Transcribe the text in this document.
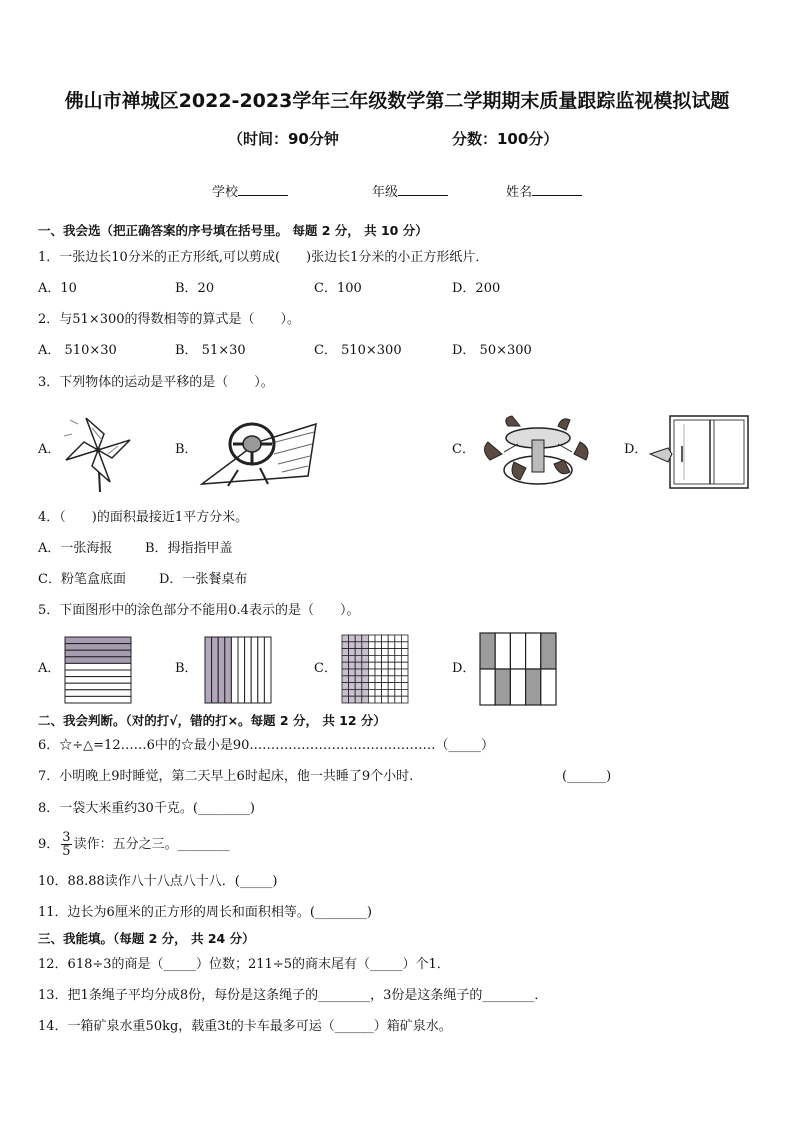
佛山市禅城区2022-2023学年三年级数学第二学期期末质量跟踪监视模拟试题
（时间：90分钟	分数：100分）
学校	年级	姓名
一、我会选（把正确答案的序号填在括号里。 每题 2 分， 共 10 分）
1．一张边长10分米的正方形纸,可以剪成(　　)张边长1分米的小正方形纸片．
A．10	B．20	C．100	D．200
2．与51×300的得数相等的算式是（　　）。
A． 510×30	B． 51×30	C． 510×300	D． 50×300
3．下列物体的运动是平移的是（　　）。
A．	B．	C．	D．
4．（　　)的面积最接近1平方分米。
A．一张海报	B．拇指指甲盖
C．粉笔盒底面	D．一张餐桌布
5．下面图形中的涂色部分不能用0.4表示的是（　　）。
A．	B．	C．	D．
二、我会判断。（对的打√，错的打×。每题 2 分， 共 12 分）
6．☆÷△=12……6中的☆最小是90.……………………………………（_____）
7．小明晚上9时睡觉，第二天早上6时起床，他一共睡了9个小时.	(______)
8．一袋大米重约30千克。(________)
9． $\frac{3}{5}$ 读作：五分之三。________
10．88.88读作八十八点八十八．(_____)
11．边长为6厘米的正方形的周长和面积相等。(________)
三、我能填。（每题 2 分， 共 24 分）
12．618÷3的商是（_____）位数；211÷5的商末尾有（_____）个1．
13．把1条绳子平均分成8份，每份是这条绳子的________，3份是这条绳子的________．
14．一箱矿泉水重50kg，载重3t的卡车最多可运（______）箱矿泉水。
